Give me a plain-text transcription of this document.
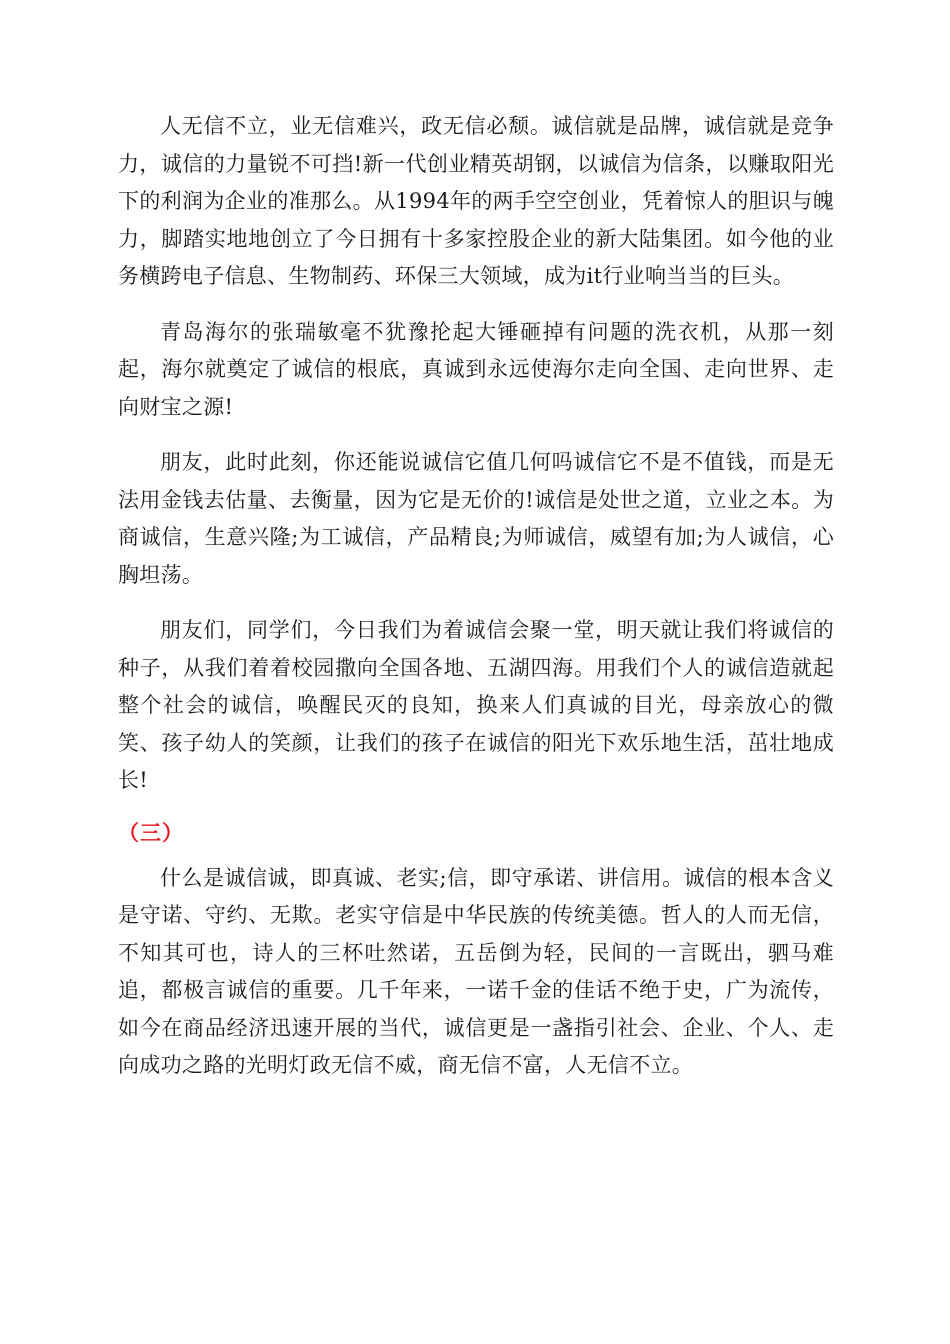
人无信不立，业无信难兴，政无信必颓。诚信就是品牌，诚信就是竞争力，诚信的力量锐不可挡!新一代创业精英胡钢，以诚信为信条，以赚取阳光下的利润为企业的准那么。从1994年的两手空空创业，凭着惊人的胆识与魄力，脚踏实地地创立了今日拥有十多家控股企业的新大陆集团。如今他的业务横跨电子信息、生物制药、环保三大领域，成为it行业响当当的巨头。

青岛海尔的张瑞敏毫不犹豫抡起大锤砸掉有问题的洗衣机，从那一刻起，海尔就奠定了诚信的根底，真诚到永远使海尔走向全国、走向世界、走向财宝之源!

朋友，此时此刻，你还能说诚信它值几何吗诚信它不是不值钱，而是无法用金钱去估量、去衡量，因为它是无价的!诚信是处世之道，立业之本。为商诚信，生意兴隆;为工诚信，产品精良;为师诚信，威望有加;为人诚信，心胸坦荡。

朋友们，同学们，今日我们为着诚信会聚一堂，明天就让我们将诚信的种子，从我们着着校园撒向全国各地、五湖四海。用我们个人的诚信造就起整个社会的诚信，唤醒民灭的良知，换来人们真诚的目光，母亲放心的微笑、孩子幼人的笑颜，让我们的孩子在诚信的阳光下欢乐地生活，茁壮地成长!

（三）

什么是诚信诚，即真诚、老实;信，即守承诺、讲信用。诚信的根本含义是守诺、守约、无欺。老实守信是中华民族的传统美德。哲人的人而无信，不知其可也，诗人的三杯吐然诺，五岳倒为轻，民间的一言既出，驷马难追，都极言诚信的重要。几千年来，一诺千金的佳话不绝于史，广为流传，如今在商品经济迅速开展的当代，诚信更是一盏指引社会、企业、个人、走向成功之路的光明灯政无信不威，商无信不富，人无信不立。
